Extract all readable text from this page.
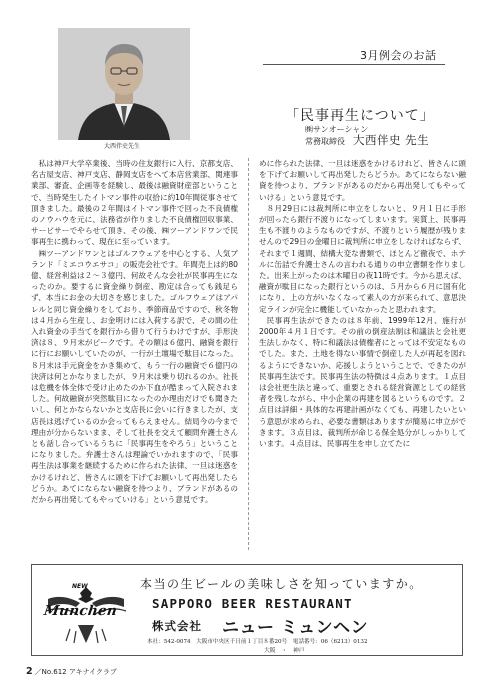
大西伴史先生
3月例会のお話
「民事再生について」
㈱サンオーシャン
常務取締役 大西伴史 先生

私は神戸大学卒業後、当時の住友銀行に入行、京都支店、名古屋支店、神戸支店、静岡支店をへて本店営業部、関連事業部、審査、企画等を経験し、最後は融資財産部ということで、当時発生したイトマン事件の収拾に約10年間従事させて頂きました。最後の２年間はイトマン事件で回った不良債権のノウハウを元に、法務省が作りました不良債権回収事業、サービサーでやらせて頂き、その後、㈱ツーアンドワンで民事再生に携わって、現在に至っています。

㈱ツーアンドワンとはゴルフウェアを中心とする、人気ブランド「ミエコウエサコ」の販売会社です。年間売上は約80億、経営利益は２～３億円、何故そんな会社が民事再生になったのか。要するに資金繰り倒産、勘定は合っても銭足らず、本当にお金の大切さを感じました。ゴルフウェアはアパレルと同じ資金繰りをしており、季節商品ですので、秋冬物は４月から生産し、お金明けには入荷する訳で、その間の仕入れ資金の手当てを銀行から借りて行うわけですが、手形決済は８、９月末がピークです。その額は６億円、融資を銀行に行にお願いしていたのが、一行が土壇場で駄目になった。８月末は手元資金をかき集めて、もう一行の融資で６億円の決済は何とかなりましたが、９月末は乗り切れるのか。社長は危機を体全体で受け止めたのか下血が酷まって入院されました。何故融資が突然駄目になったのか理由だけでも聞きたいし、何とかならないかと支店長に会いに行きましたが、支店長は逃げているのか会ってもらえません。結局今の今まで理由が分からないまま、そして社長を交えて顧問弁護士さんとも話し合っているうちに「民事再生をやろう」ということになりました。弁護士さんは理論でいかれますので、「民事再生法は事業を継続するために作られた法律、一旦は迷惑をかけるけれど、皆さんに頭を下げてお願いして再出発したらどうか。あてにならない融資を待つより、ブランドがあるのだから再出発してもやっていける」という意見です。

めに作られた法律、一旦は迷惑をかけるけれど、皆さんに頭を下げてお願いして再出発したらどうか。あてにならない融資を待つより、ブランドがあるのだから再出発してもやっていける」という意見です。

８月29日には裁判所に申立をしないと、９月１日に手形が回ったら銀行不渡りになってしまいます。実質上、民事再生も不渡りのようなものですが、不渡りという履歴が残りませんので29日の金曜日に裁判所に申立をしなければならず、それまで１週間、結構大変な書類で、ほとんど徹夜で、ホテルに缶詰で弁護士さんの言われる通りの申立書類を作りました。出来上がったのは木曜日の夜11時です。今から思えば、融資が駄目になった銀行というのは、５月から６月に国有化になり、上の方がいなくなって素人の方が来られて、意思決定ラインが完全に機能していなかったと思われます。

民事再生法ができたのは８年前、1999年12月、施行が2000年４月１日です。その前の倒産法制は和議法と会社更生法しかなく、特に和議法は債権者にとっては不安定なものでした。また、土地を得ない事情で倒産した人が再起を図れるようにできないか、応援しようということで、できたのが民事再生法です。民事再生法の特徴は４点あります。１点目は会社更生法と違って、重要とされる経営資源としての経営者を残しながら、中小企業の再建を図るというものです。２点目は詳細・具体的な再建計画がなくても、再建したいという意思が求められ、必要な書類はありますが簡易に申立ができます。３点目は、裁判所が命じる保全処分がしっかりしています。４点目は、民事再生を申し立てたに

NEW
Munchen
本当の生ビールの美味しさを知っていますか。
SAPPORO BEER RESTAURANT
株式会社 ニュー ミュンヘン
本社：542-0074　大阪市中央区千日前１丁目８番20号　電話番号：06（6213）0132
大阪　・　神戸
2 ／No.612 アキナイクラブ
